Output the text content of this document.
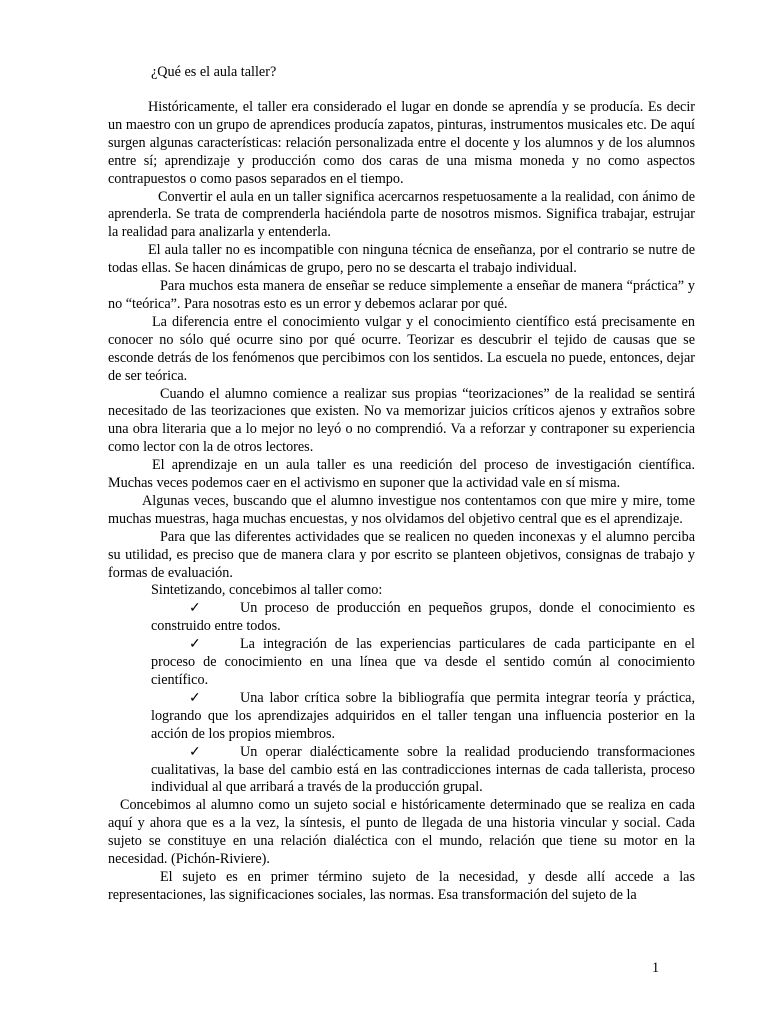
¿Qué es el aula taller?

Históricamente, el taller era considerado el lugar en donde se aprendía y se producía. Es decir un maestro con un grupo de aprendices producía zapatos, pinturas, instrumentos musicales etc. De aquí surgen algunas características: relación personalizada entre el docente y los alumnos y de los alumnos entre sí; aprendizaje y producción como dos caras de una misma moneda y no como aspectos contrapuestos o como pasos separados en el tiempo.

Convertir el aula en un taller significa acercarnos respetuosamente a la realidad, con ánimo de aprenderla. Se trata de comprenderla haciéndola parte de nosotros mismos. Significa trabajar, estrujar la realidad para analizarla y entenderla.

El aula taller no es incompatible con ninguna técnica de enseñanza, por el contrario se nutre de todas ellas. Se hacen dinámicas de grupo, pero no se descarta el trabajo individual.

Para muchos esta manera de enseñar se reduce simplemente a enseñar de manera “práctica” y no “teórica”. Para nosotras esto es un error y debemos aclarar por qué.

La diferencia entre el conocimiento vulgar y el conocimiento científico está precisamente en conocer no sólo qué ocurre sino por qué ocurre. Teorizar es descubrir el tejido de causas que se esconde detrás de los fenómenos que percibimos con los sentidos. La escuela no puede, entonces, dejar de ser teórica.

Cuando el alumno comience a realizar sus propias “teorizaciones” de la realidad se sentirá necesitado de las teorizaciones que existen. No va memorizar juicios críticos ajenos y extraños sobre una obra literaria que a lo mejor no leyó o no comprendió. Va a reforzar y contraponer su experiencia como lector con la de otros lectores.

El aprendizaje en un aula taller es una reedición del proceso de investigación científica. Muchas veces podemos caer en el activismo en suponer que la actividad vale en sí misma.

Algunas veces, buscando que el alumno investigue nos contentamos con que mire y mire, tome muchas muestras, haga muchas encuestas, y nos olvidamos del objetivo central que es el aprendizaje.

Para que las diferentes actividades que se realicen no queden inconexas y el alumno perciba su utilidad, es preciso que de manera clara y por escrito se planteen objetivos, consignas de trabajo y formas de evaluación.

Sintetizando, concebimos al taller como:

✓	Un proceso de producción en pequeños grupos, donde el conocimiento es construido entre todos.
✓	La integración de las experiencias particulares de cada participante en el proceso de conocimiento en una línea que va desde el sentido común al conocimiento científico.
✓	Una labor crítica sobre la bibliografía que permita integrar teoría y práctica, logrando que los aprendizajes adquiridos en el taller tengan una influencia posterior en la acción de los propios miembros.
✓	Un operar dialécticamente sobre la realidad produciendo transformaciones cualitativas, la base del cambio está en las contradicciones internas de cada tallerista, proceso individual al que arribará a través de la producción grupal.

Concebimos al alumno como un sujeto social e históricamente determinado que se realiza en cada aquí y ahora que es a la vez, la síntesis, el punto de llegada de una historia vincular y social. Cada sujeto se constituye en una relación dialéctica con el mundo, relación que tiene su motor en la necesidad. (Pichón-Riviere).

El sujeto es en primer término sujeto de la necesidad, y desde allí accede a las representaciones, las significaciones sociales, las normas. Esa transformación del sujeto de la

1
